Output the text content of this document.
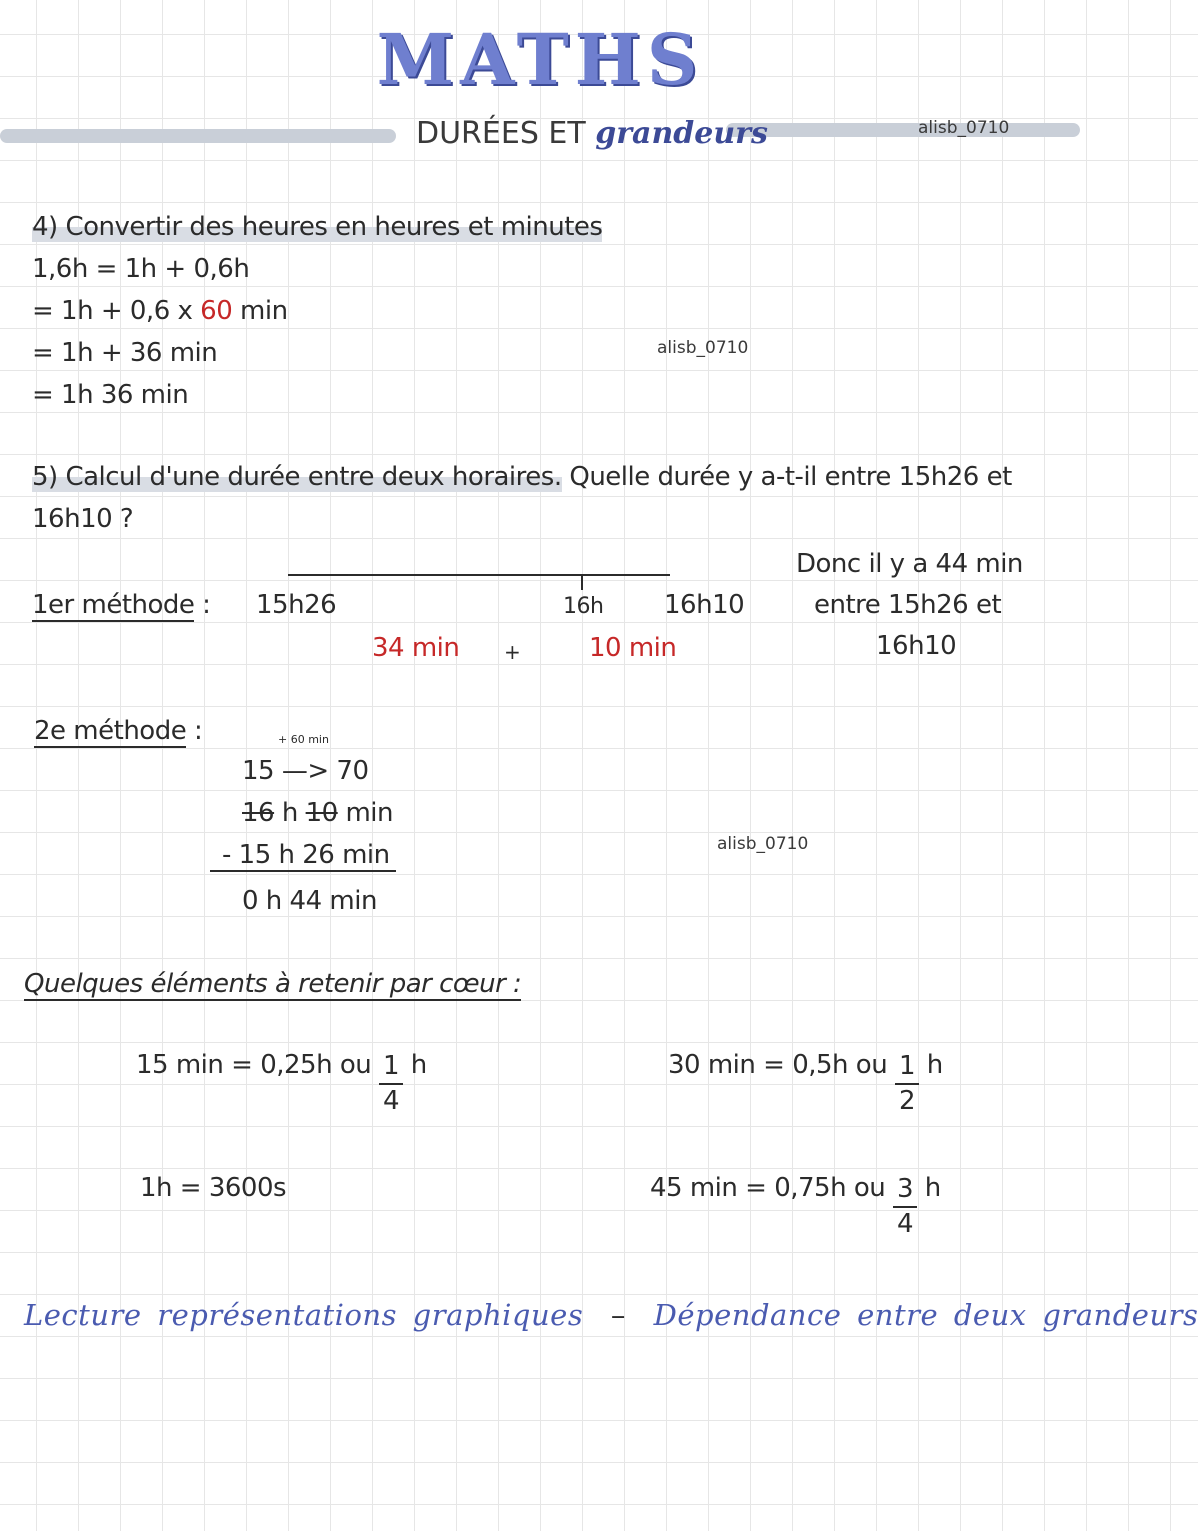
MATHS
DURÉES ET grandeurs	alisb_0710
4) Convertir des heures en heures et minutes
1,6h = 1h + 0,6h
= 1h + 0,6 x 60 min
= 1h + 36 min
= 1h 36 min
alisb_0710
5) Calcul d'une durée entre deux horaires. Quelle durée y a-t-il entre 15h26 et
16h10 ?
1er méthode : 15h26	16h 16h10
34 min +	10 min
Donc il y a 44 min
entre 15h26 et
16h10
2e méthode :	+ 60 min
15 —> 70
16 h 10 min
- 15 h 26 min
0 h 44 min
alisb_0710
Quelques éléments à retenir par cœur :
15 min = 0,25h ou $\frac{1}{4}$ h	30 min = 0,5h ou $\frac{1}{2}$ h
1h = 3600s	45 min = 0,75h ou $\frac{3}{4}$ h
Lecture représentations graphiques – Dépendance entre deux grandeurs
